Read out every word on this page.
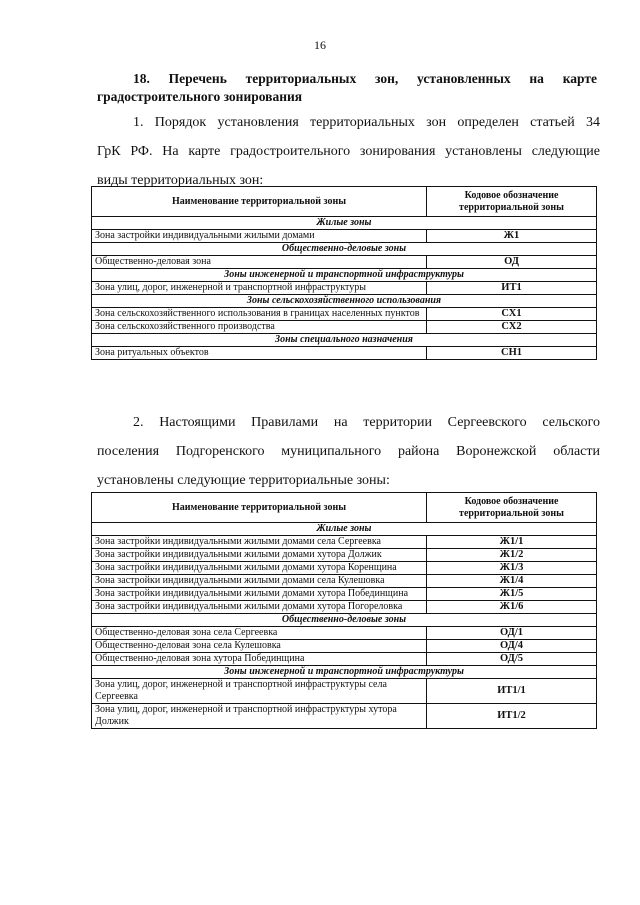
16
18. Перечень территориальных зон, установленных на карте
градостроительного зонирования
1. Порядок установления территориальных зон определен статьей 34
ГрК РФ. На карте градостроительного зонирования установлены следующие
виды территориальных зон:
Наименование территориальной зоны	Кодовое обозначение территориальной зоны
Жилые зоны	
Зона застройки индивидуальными жилыми домами	Ж1
Общественно-деловые зоны	
Общественно-деловая зона	ОД
Зоны инженерной и транспортной инфраструктуры	
Зона улиц, дорог, инженерной и транспортной инфраструктуры	ИТ1
Зоны сельскохозяйственного использования	
Зона сельскохозяйственного использования в границах населенных пунктов	СХ1
Зона сельскохозяйственного производства	СХ2
Зоны специального назначения	
Зона ритуальных объектов	СН1
2. Настоящими Правилами на территории Сергеевского сельского
поселения Подгоренского муниципального района Воронежской области
установлены следующие территориальные зоны:
Наименование территориальной зоны	Кодовое обозначение территориальной зоны
Жилые зоны	
Зона застройки индивидуальными жилыми домами села Сергеевка	Ж1/1
Зона застройки индивидуальными жилыми домами хутора Должик	Ж1/2
Зона застройки индивидуальными жилыми домами хутора Коренщина	Ж1/3
Зона застройки индивидуальными жилыми домами села Кулешовка	Ж1/4
Зона застройки индивидуальными жилыми домами хутора Побединщина	Ж1/5
Зона застройки индивидуальными жилыми домами хутора Погореловка	Ж1/6
Общественно-деловые зоны	
Общественно-деловая зона села Сергеевка	ОД/1
Общественно-деловая зона села Кулешовка	ОД/4
Общественно-деловая зона хутора Побединщина	ОД/5
Зоны инженерной и транспортной инфраструктуры	
Зона улиц, дорог, инженерной и транспортной инфраструктуры села Сергеевка	ИТ1/1
Зона улиц, дорог, инженерной и транспортной инфраструктуры хутора Должик	ИТ1/2
